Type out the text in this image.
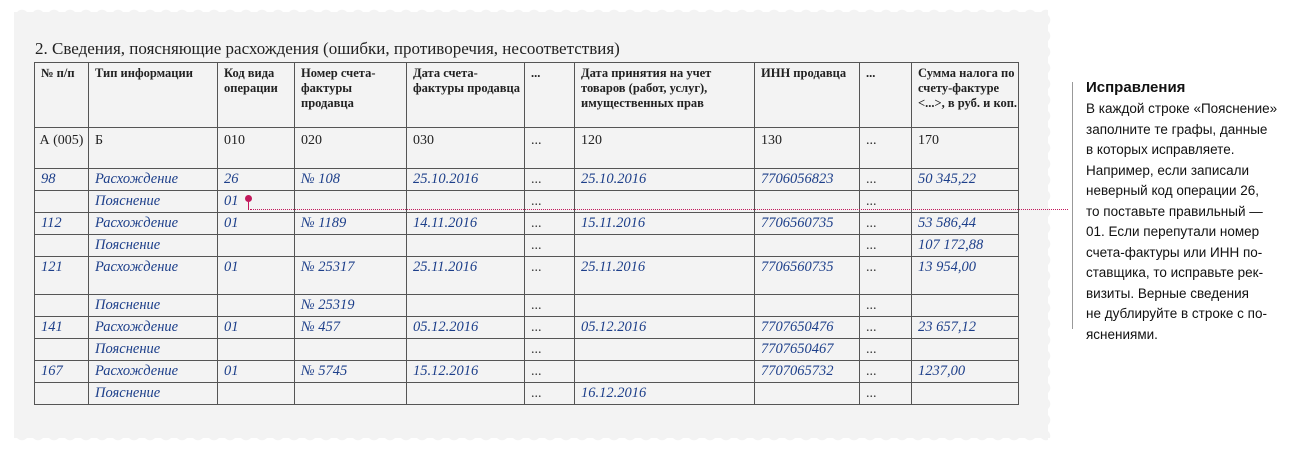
2. Сведения, поясняющие расхождения (ошибки, противоречия, несоответствия)
№ п/п	Тип информации	Код вида операции	Номер счета-фактуры продавца	Дата счета-фактуры продавца	...	Дата принятия на учет товаров (работ, услуг), имущественных прав	ИНН продавца	...	Сумма налога по счету-фактуре <...>, в руб. и коп.
А (005)	Б	010	020	030	...	120	130	...	170
98	Расхождение	26	№ 108	25.10.2016	...	25.10.2016	7706056823	...	50 345,22
	Пояснение	01			...			...	
112	Расхождение	01	№ 1189	14.11.2016	...	15.11.2016	7706560735	...	53 586,44
	Пояснение				...			...	107 172,88
121	Расхождение	01	№ 25317	25.11.2016	...	25.11.2016	7706560735	...	13 954,00
	Пояснение		№ 25319		...			...	
141	Расхождение	01	№ 457	05.12.2016	...	05.12.2016	7707650476	...	23 657,12
	Пояснение				...		7707650467	...	
167	Расхождение	01	№ 5745	15.12.2016	...		7707065732	...	1237,00
	Пояснение				...	16.12.2016		...	
Исправления
В каждой строке «Пояснение»
заполните те графы, данные
в которых исправляете.
Например, если записали
неверный код операции 26,
то поставьте правильный —
01. Если перепутали номер
счета-фактуры или ИНН по-
ставщика, то исправьте рек-
визиты. Верные сведения
не дублируйте в строке с по-
яснениями.
